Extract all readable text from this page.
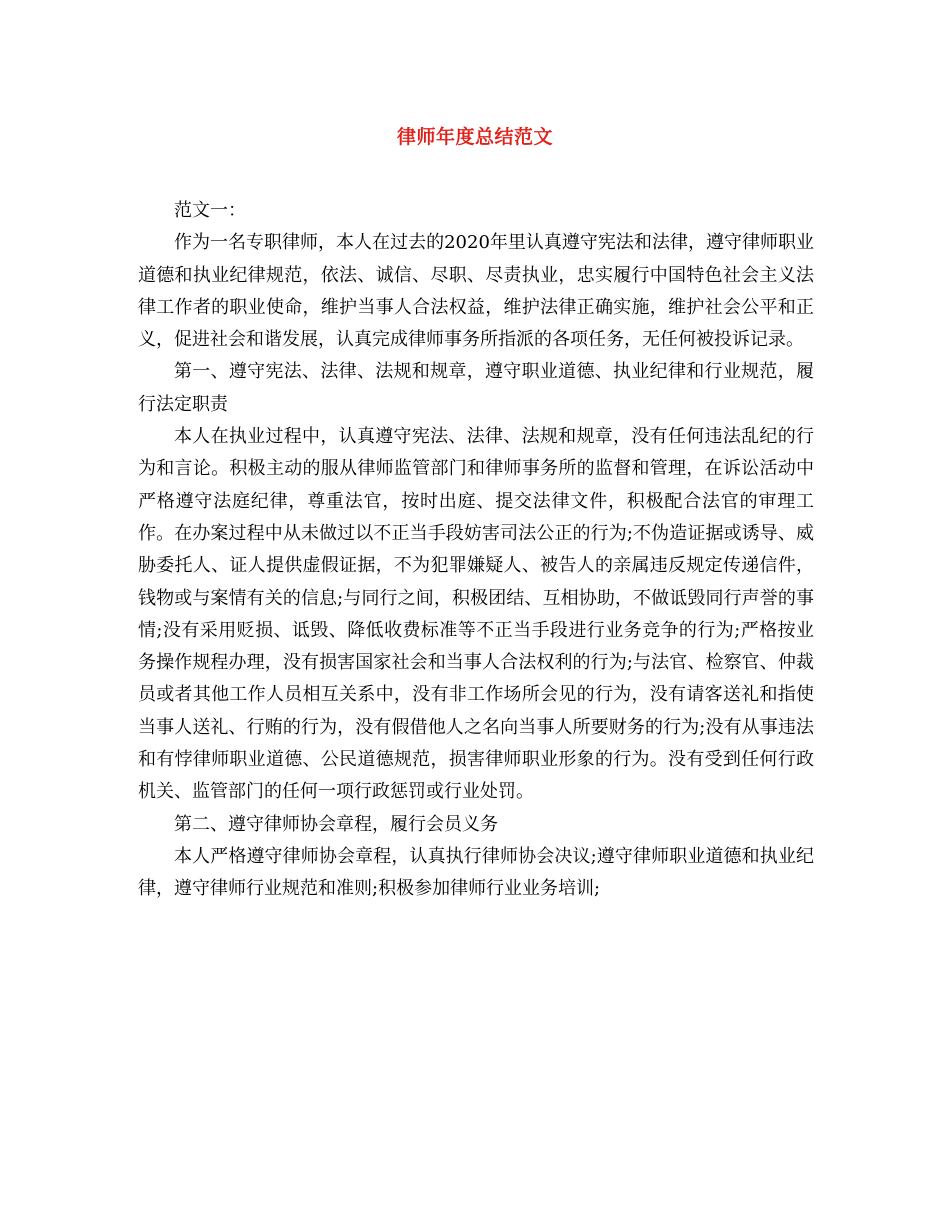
律师年度总结范文

范文一：

作为一名专职律师，本人在过去的2020年里认真遵守宪法和法律，遵守律师职业道德和执业纪律规范，依法、诚信、尽职、尽责执业，忠实履行中国特色社会主义法律工作者的职业使命，维护当事人合法权益，维护法律正确实施，维护社会公平和正义，促进社会和谐发展，认真完成律师事务所指派的各项任务，无任何被投诉记录。

第一、遵守宪法、法律、法规和规章，遵守职业道德、执业纪律和行业规范，履行法定职责

本人在执业过程中，认真遵守宪法、法律、法规和规章，没有任何违法乱纪的行为和言论。积极主动的服从律师监管部门和律师事务所的监督和管理，在诉讼活动中严格遵守法庭纪律，尊重法官，按时出庭、提交法律文件，积极配合法官的审理工作。在办案过程中从未做过以不正当手段妨害司法公正的行为;不伪造证据或诱导、威胁委托人、证人提供虚假证据，不为犯罪嫌疑人、被告人的亲属违反规定传递信件，钱物或与案情有关的信息;与同行之间，积极团结、互相协助，不做诋毁同行声誉的事情;没有采用贬损、诋毁、降低收费标准等不正当手段进行业务竞争的行为;严格按业务操作规程办理，没有损害国家社会和当事人合法权利的行为;与法官、检察官、仲裁员或者其他工作人员相互关系中，没有非工作场所会见的行为，没有请客送礼和指使当事人送礼、行贿的行为，没有假借他人之名向当事人所要财务的行为;没有从事违法和有悖律师职业道德、公民道德规范，损害律师职业形象的行为。没有受到任何行政机关、监管部门的任何一项行政惩罚或行业处罚。

第二、遵守律师协会章程，履行会员义务

本人严格遵守律师协会章程，认真执行律师协会决议;遵守律师职业道德和执业纪律，遵守律师行业规范和准则;积极参加律师行业业务培训;
